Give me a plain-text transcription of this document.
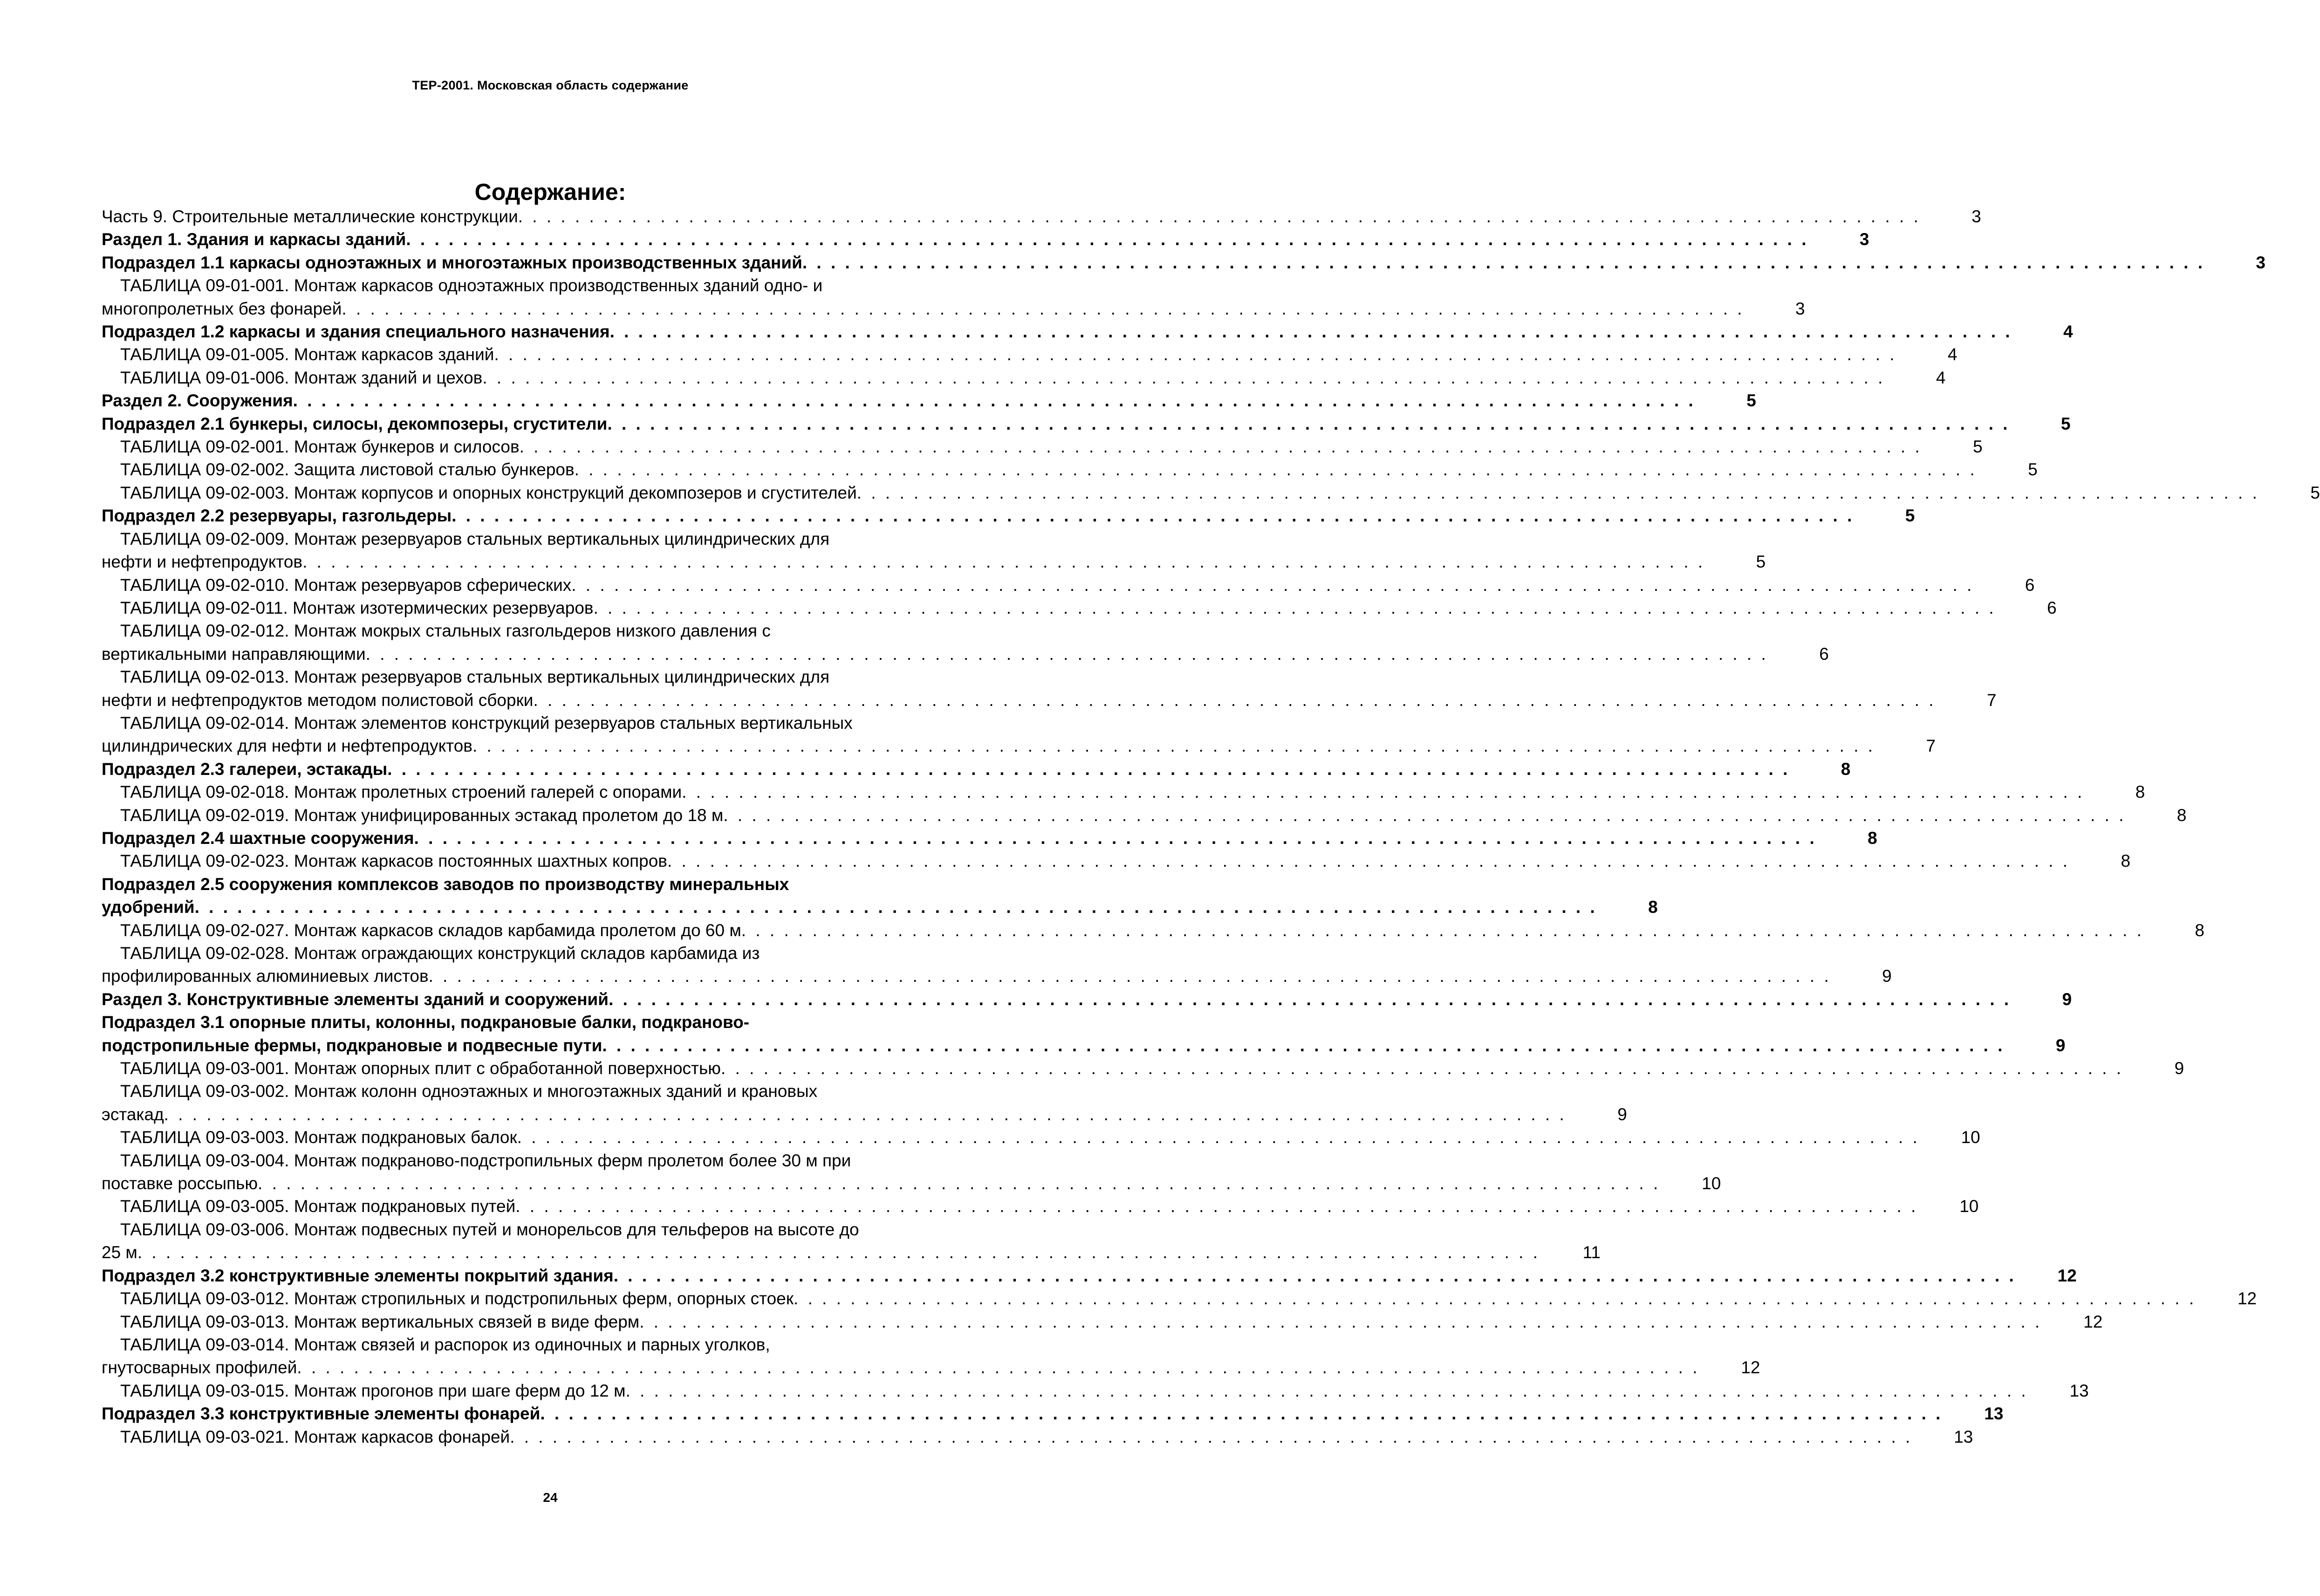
ТЕР-2001. Московская область содержание
Содержание:
Часть 9. Строительные металлические конструкции . . . . . . . . . . . . . . . . . . . . . . . . . . . . . . . . . . . . . . . . . . . . . . . . . . . . . . . . . . . . . . . . . . . . . . . . . . . . . . . . . . . . . . . . . . . . . . . . . . .	3
Раздел 1. Здания и каркасы зданий . . . . . . . . . . . . . . . . . . . . . . . . . . . . . . . . . . . . . . . . . . . . . . . . . . . . . . . . . . . . . . . . . . . . . . . . . . . . . . . . . . . . . . . . . . . . . . . . . . .	3
Подраздел 1.1 каркасы одноэтажных и многоэтажных производственных зданий . . . . . . . . . . . . . . . . . . . . . . . . . . . . . . . . . . . . . . . . . . . . . . . . . . . . . . . . . . . . . . . . . . . . . . . . . . . . . . . . . . . . . . . . . . . . . . . . . . .	3
ТАБЛИЦА 09-01-001. Монтаж каркасов одноэтажных производственных зданий одно- и
многопролетных без фонарей . . . . . . . . . . . . . . . . . . . . . . . . . . . . . . . . . . . . . . . . . . . . . . . . . . . . . . . . . . . . . . . . . . . . . . . . . . . . . . . . . . . . . . . . . . . . . . . . . . .	3
Подраздел 1.2 каркасы и здания специального назначения . . . . . . . . . . . . . . . . . . . . . . . . . . . . . . . . . . . . . . . . . . . . . . . . . . . . . . . . . . . . . . . . . . . . . . . . . . . . . . . . . . . . . . . . . . . . . . . . . . .	4
ТАБЛИЦА 09-01-005. Монтаж каркасов зданий . . . . . . . . . . . . . . . . . . . . . . . . . . . . . . . . . . . . . . . . . . . . . . . . . . . . . . . . . . . . . . . . . . . . . . . . . . . . . . . . . . . . . . . . . . . . . . . . . . .	4
ТАБЛИЦА 09-01-006. Монтаж зданий и цехов . . . . . . . . . . . . . . . . . . . . . . . . . . . . . . . . . . . . . . . . . . . . . . . . . . . . . . . . . . . . . . . . . . . . . . . . . . . . . . . . . . . . . . . . . . . . . . . . . . .	4
Раздел 2. Сооружения . . . . . . . . . . . . . . . . . . . . . . . . . . . . . . . . . . . . . . . . . . . . . . . . . . . . . . . . . . . . . . . . . . . . . . . . . . . . . . . . . . . . . . . . . . . . . . . . . . .	5
Подраздел 2.1 бункеры, силосы, декомпозеры, сгустители . . . . . . . . . . . . . . . . . . . . . . . . . . . . . . . . . . . . . . . . . . . . . . . . . . . . . . . . . . . . . . . . . . . . . . . . . . . . . . . . . . . . . . . . . . . . . . . . . . .	5
ТАБЛИЦА 09-02-001. Монтаж бункеров и силосов . . . . . . . . . . . . . . . . . . . . . . . . . . . . . . . . . . . . . . . . . . . . . . . . . . . . . . . . . . . . . . . . . . . . . . . . . . . . . . . . . . . . . . . . . . . . . . . . . . .	5
ТАБЛИЦА 09-02-002. Защита листовой сталью бункеров . . . . . . . . . . . . . . . . . . . . . . . . . . . . . . . . . . . . . . . . . . . . . . . . . . . . . . . . . . . . . . . . . . . . . . . . . . . . . . . . . . . . . . . . . . . . . . . . . . .	5
ТАБЛИЦА 09-02-003. Монтаж корпусов и опорных конструкций декомпозеров и сгустителей . . . . . . . . . . . . . . . . . . . . . . . . . . . . . . . . . . . . . . . . . . . . . . . . . . . . . . . . . . . . . . . . . . . . . . . . . . . . . . . . . . . . . . . . . . . . . . . . . . .	5
Подраздел 2.2 резервуары, газгольдеры . . . . . . . . . . . . . . . . . . . . . . . . . . . . . . . . . . . . . . . . . . . . . . . . . . . . . . . . . . . . . . . . . . . . . . . . . . . . . . . . . . . . . . . . . . . . . . . . . . .	5
ТАБЛИЦА 09-02-009. Монтаж резервуаров стальных вертикальных цилиндрических для
нефти и нефтепродуктов . . . . . . . . . . . . . . . . . . . . . . . . . . . . . . . . . . . . . . . . . . . . . . . . . . . . . . . . . . . . . . . . . . . . . . . . . . . . . . . . . . . . . . . . . . . . . . . . . . .	5
ТАБЛИЦА 09-02-010. Монтаж резервуаров сферических . . . . . . . . . . . . . . . . . . . . . . . . . . . . . . . . . . . . . . . . . . . . . . . . . . . . . . . . . . . . . . . . . . . . . . . . . . . . . . . . . . . . . . . . . . . . . . . . . . .	6
ТАБЛИЦА 09-02-011. Монтаж изотермических резервуаров . . . . . . . . . . . . . . . . . . . . . . . . . . . . . . . . . . . . . . . . . . . . . . . . . . . . . . . . . . . . . . . . . . . . . . . . . . . . . . . . . . . . . . . . . . . . . . . . . . .	6
ТАБЛИЦА 09-02-012. Монтаж мокрых стальных газгольдеров низкого давления с
вертикальными направляющими . . . . . . . . . . . . . . . . . . . . . . . . . . . . . . . . . . . . . . . . . . . . . . . . . . . . . . . . . . . . . . . . . . . . . . . . . . . . . . . . . . . . . . . . . . . . . . . . . . .	6
ТАБЛИЦА 09-02-013. Монтаж резервуаров стальных вертикальных цилиндрических для
нефти и нефтепродуктов методом полистовой сборки . . . . . . . . . . . . . . . . . . . . . . . . . . . . . . . . . . . . . . . . . . . . . . . . . . . . . . . . . . . . . . . . . . . . . . . . . . . . . . . . . . . . . . . . . . . . . . . . . . .	7
ТАБЛИЦА 09-02-014. Монтаж элементов конструкций резервуаров стальных вертикальных
цилиндрических для нефти и нефтепродуктов . . . . . . . . . . . . . . . . . . . . . . . . . . . . . . . . . . . . . . . . . . . . . . . . . . . . . . . . . . . . . . . . . . . . . . . . . . . . . . . . . . . . . . . . . . . . . . . . . . .	7
Подраздел 2.3 галереи, эстакады . . . . . . . . . . . . . . . . . . . . . . . . . . . . . . . . . . . . . . . . . . . . . . . . . . . . . . . . . . . . . . . . . . . . . . . . . . . . . . . . . . . . . . . . . . . . . . . . . . .	8
ТАБЛИЦА 09-02-018. Монтаж пролетных строений галерей с опорами . . . . . . . . . . . . . . . . . . . . . . . . . . . . . . . . . . . . . . . . . . . . . . . . . . . . . . . . . . . . . . . . . . . . . . . . . . . . . . . . . . . . . . . . . . . . . . . . . . .	8
ТАБЛИЦА 09-02-019. Монтаж унифицированных эстакад пролетом до 18 м . . . . . . . . . . . . . . . . . . . . . . . . . . . . . . . . . . . . . . . . . . . . . . . . . . . . . . . . . . . . . . . . . . . . . . . . . . . . . . . . . . . . . . . . . . . . . . . . . . .	8
Подраздел 2.4 шахтные сооружения . . . . . . . . . . . . . . . . . . . . . . . . . . . . . . . . . . . . . . . . . . . . . . . . . . . . . . . . . . . . . . . . . . . . . . . . . . . . . . . . . . . . . . . . . . . . . . . . . . .	8
ТАБЛИЦА 09-02-023. Монтаж каркасов постоянных шахтных копров . . . . . . . . . . . . . . . . . . . . . . . . . . . . . . . . . . . . . . . . . . . . . . . . . . . . . . . . . . . . . . . . . . . . . . . . . . . . . . . . . . . . . . . . . . . . . . . . . . .	8
Подраздел 2.5 сооружения комплексов заводов по производству минеральных
удобрений . . . . . . . . . . . . . . . . . . . . . . . . . . . . . . . . . . . . . . . . . . . . . . . . . . . . . . . . . . . . . . . . . . . . . . . . . . . . . . . . . . . . . . . . . . . . . . . . . . .	8
ТАБЛИЦА 09-02-027. Монтаж каркасов складов карбамида пролетом до 60 м . . . . . . . . . . . . . . . . . . . . . . . . . . . . . . . . . . . . . . . . . . . . . . . . . . . . . . . . . . . . . . . . . . . . . . . . . . . . . . . . . . . . . . . . . . . . . . . . . . .	8
ТАБЛИЦА 09-02-028. Монтаж ограждающих конструкций складов карбамида из
профилированных алюминиевых листов . . . . . . . . . . . . . . . . . . . . . . . . . . . . . . . . . . . . . . . . . . . . . . . . . . . . . . . . . . . . . . . . . . . . . . . . . . . . . . . . . . . . . . . . . . . . . . . . . . .	9
Раздел 3. Конструктивные элементы зданий и сооружений . . . . . . . . . . . . . . . . . . . . . . . . . . . . . . . . . . . . . . . . . . . . . . . . . . . . . . . . . . . . . . . . . . . . . . . . . . . . . . . . . . . . . . . . . . . . . . . . . . .	9
Подраздел 3.1 опорные плиты, колонны, подкрановые балки, подкраново-
подстропильные фермы, подкрановые и подвесные пути . . . . . . . . . . . . . . . . . . . . . . . . . . . . . . . . . . . . . . . . . . . . . . . . . . . . . . . . . . . . . . . . . . . . . . . . . . . . . . . . . . . . . . . . . . . . . . . . . . .	9
ТАБЛИЦА 09-03-001. Монтаж опорных плит с обработанной поверхностью . . . . . . . . . . . . . . . . . . . . . . . . . . . . . . . . . . . . . . . . . . . . . . . . . . . . . . . . . . . . . . . . . . . . . . . . . . . . . . . . . . . . . . . . . . . . . . . . . . .	9
ТАБЛИЦА 09-03-002. Монтаж колонн одноэтажных и многоэтажных зданий и крановых
эстакад . . . . . . . . . . . . . . . . . . . . . . . . . . . . . . . . . . . . . . . . . . . . . . . . . . . . . . . . . . . . . . . . . . . . . . . . . . . . . . . . . . . . . . . . . . . . . . . . . . .	9
ТАБЛИЦА 09-03-003. Монтаж подкрановых балок . . . . . . . . . . . . . . . . . . . . . . . . . . . . . . . . . . . . . . . . . . . . . . . . . . . . . . . . . . . . . . . . . . . . . . . . . . . . . . . . . . . . . . . . . . . . . . . . . . .	10
ТАБЛИЦА 09-03-004. Монтаж подкраново-подстропильных ферм пролетом более 30 м при
поставке россыпью . . . . . . . . . . . . . . . . . . . . . . . . . . . . . . . . . . . . . . . . . . . . . . . . . . . . . . . . . . . . . . . . . . . . . . . . . . . . . . . . . . . . . . . . . . . . . . . . . . .	10
ТАБЛИЦА 09-03-005. Монтаж подкрановых путей . . . . . . . . . . . . . . . . . . . . . . . . . . . . . . . . . . . . . . . . . . . . . . . . . . . . . . . . . . . . . . . . . . . . . . . . . . . . . . . . . . . . . . . . . . . . . . . . . . .	10
ТАБЛИЦА 09-03-006. Монтаж подвесных путей и монорельсов для тельферов на высоте до
25 м . . . . . . . . . . . . . . . . . . . . . . . . . . . . . . . . . . . . . . . . . . . . . . . . . . . . . . . . . . . . . . . . . . . . . . . . . . . . . . . . . . . . . . . . . . . . . . . . . . .	11
Подраздел 3.2 конструктивные элементы покрытий здания . . . . . . . . . . . . . . . . . . . . . . . . . . . . . . . . . . . . . . . . . . . . . . . . . . . . . . . . . . . . . . . . . . . . . . . . . . . . . . . . . . . . . . . . . . . . . . . . . . .	12
ТАБЛИЦА 09-03-012. Монтаж стропильных и подстропильных ферм, опорных стоек . . . . . . . . . . . . . . . . . . . . . . . . . . . . . . . . . . . . . . . . . . . . . . . . . . . . . . . . . . . . . . . . . . . . . . . . . . . . . . . . . . . . . . . . . . . . . . . . . . .	12
ТАБЛИЦА 09-03-013. Монтаж вертикальных связей в виде ферм . . . . . . . . . . . . . . . . . . . . . . . . . . . . . . . . . . . . . . . . . . . . . . . . . . . . . . . . . . . . . . . . . . . . . . . . . . . . . . . . . . . . . . . . . . . . . . . . . . .	12
ТАБЛИЦА 09-03-014. Монтаж связей и распорок из одиночных и парных уголков,
гнутосварных профилей . . . . . . . . . . . . . . . . . . . . . . . . . . . . . . . . . . . . . . . . . . . . . . . . . . . . . . . . . . . . . . . . . . . . . . . . . . . . . . . . . . . . . . . . . . . . . . . . . . .	12
ТАБЛИЦА 09-03-015. Монтаж прогонов при шаге ферм до 12 м . . . . . . . . . . . . . . . . . . . . . . . . . . . . . . . . . . . . . . . . . . . . . . . . . . . . . . . . . . . . . . . . . . . . . . . . . . . . . . . . . . . . . . . . . . . . . . . . . . .	13
Подраздел 3.3 конструктивные элементы фонарей . . . . . . . . . . . . . . . . . . . . . . . . . . . . . . . . . . . . . . . . . . . . . . . . . . . . . . . . . . . . . . . . . . . . . . . . . . . . . . . . . . . . . . . . . . . . . . . . . . .	13
ТАБЛИЦА 09-03-021. Монтаж каркасов фонарей . . . . . . . . . . . . . . . . . . . . . . . . . . . . . . . . . . . . . . . . . . . . . . . . . . . . . . . . . . . . . . . . . . . . . . . . . . . . . . . . . . . . . . . . . . . . . . . . . . .	13
24
